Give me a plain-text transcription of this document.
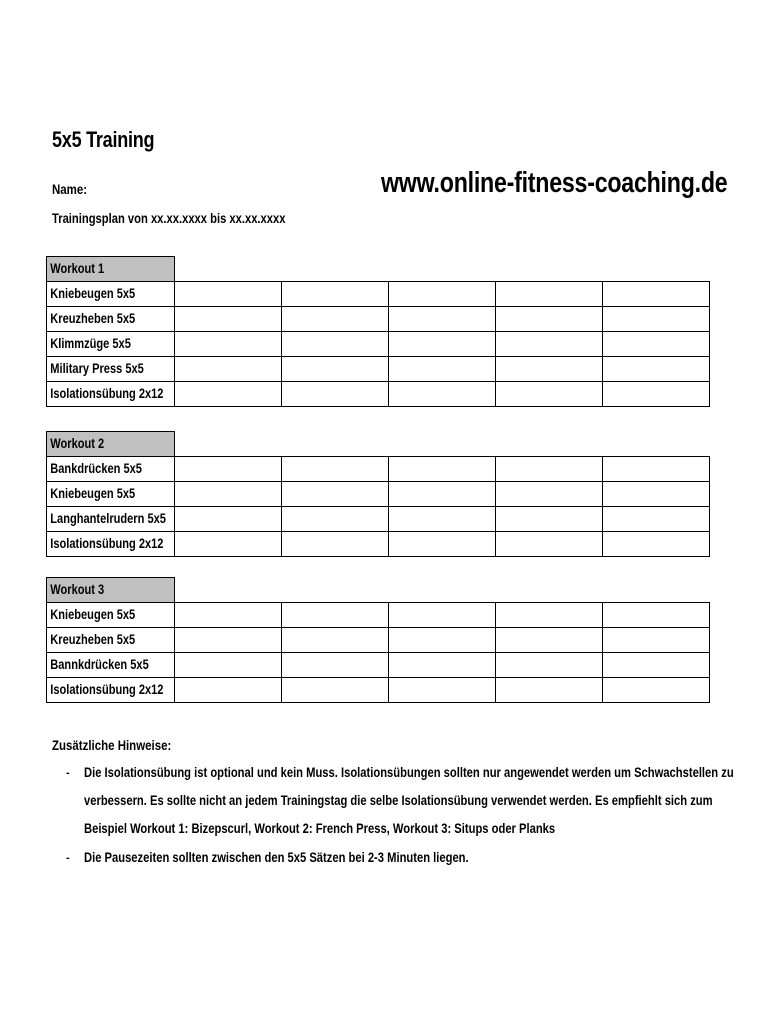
5x5 Training
Name:
Trainingsplan von xx.xx.xxxx bis xx.xx.xxxx
www.online-fitness-coaching.de
Workout 1					
Kniebeugen 5x5					
Kreuzheben 5x5					
Klimmzüge 5x5					
Military Press 5x5					
Isolationsübung 2x12					
Workout 2					
Bankdrücken 5x5					
Kniebeugen 5x5					
Langhantelrudern 5x5					
Isolationsübung 2x12					
Workout 3					
Kniebeugen 5x5					
Kreuzheben 5x5					
Bannkdrücken 5x5					
Isolationsübung 2x12					
Zusätzliche Hinweise:
- Die Isolationsübung ist optional und kein Muss. Isolationsübungen sollten nur angewendet werden um Schwachstellen zu
verbessern. Es sollte nicht an jedem Trainingstag die selbe Isolationsübung verwendet werden. Es empfiehlt sich zum
Beispiel Workout 1: Bizepscurl, Workout 2: French Press, Workout 3: Situps oder Planks
- Die Pausezeiten sollten zwischen den 5x5 Sätzen bei 2-3 Minuten liegen.
